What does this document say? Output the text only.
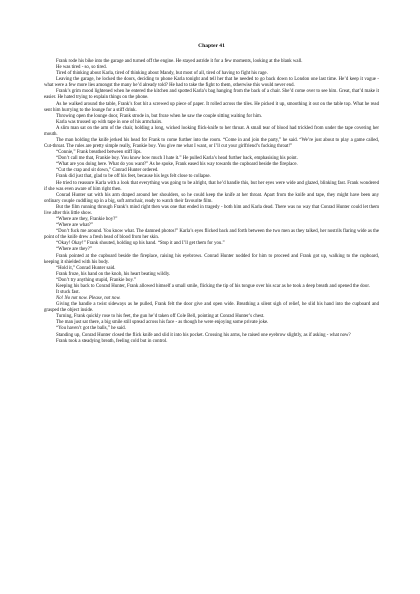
Chapter 41

Frank rode his bike into the garage and turned off the engine. He stayed astride it for a few moments, looking at the blank wall.

He was tired - so, so tired.

Tired of thinking about Karla, tired of thinking about Mandy, but most of all, tired of having to fight his rage.

Leaving the garage, he locked the doors, deciding to phone Karla tonight and tell her that he needed to go back down to London one last time. He’d keep it vague - what were a few more lies amongst the many he’d already told? He had to take the fight to them, otherwise this would never end.

Frank’s grim mood lightened when he entered the kitchen and spotted Karla’s bag hanging from the back of a chair. She’d come over to see him. Great, that’d make it easier. He hated trying to explain things on the phone.

As he walked around the table, Frank’s foot hit a screwed up piece of paper. It rolled across the tiles. He picked it up, smoothing it out on the table top. What he read sent him hurrying to the lounge for a stiff drink.

Throwing open the lounge door, Frank strode in, but froze when he saw the couple sitting waiting for him.

Karla was trussed up with tape in one of his armchairs.

A slim man sat on the arm of the chair, holding a long, wicked looking flick-knife to her throat. A small tear of blood had trickled from under the tape covering her mouth.

The man holding the knife jerked his head for Frank to come further into the room. “Come in and join the party,” he said. “We’re just about to play a game called, Cut-throat. The rules are pretty simple really, Frankie boy. You give me what I want, or I’ll cut your girlfriend’s fucking throat!”

“Connie,” Frank breathed between stiff lips.

“Don’t call me that, Frankie boy. You know how much I hate it.” He pulled Karla’s head further back, emphasising his point.

“What are you doing here. What do you want?” As he spoke, Frank eased his way towards the cupboard beside the fireplace.

“Cut the crap and sit down,” Conrad Hunter ordered.

Frank did just that, glad to be off his feet, because his legs felt close to collapse.

He tried to reassure Karla with a look that everything was going to be alright, that he’d handle this, but her eyes were wide and glazed, blinking fast. Frank wondered if she was even aware of him right then.

Conrad Hunter sat with his arm draped around her shoulders, so he could keep the knife at her throat. Apart from the knife and tape, they might have been any ordinary couple cuddling up in a big, soft armchair, ready to watch their favourite film.

But the film running through Frank’s mind right then was one that ended in tragedy - both him and Karla dead. There was no way that Conrad Hunter could let them live after this little show.

“Where are they, Frankie boy?”

“Where are what?”

“Don’t fuck me around. You know what. The damned photos!” Karla’s eyes flicked back and forth between the two men as they talked, her nostrils flaring wide as the point of the knife drew a fresh bead of blood from her skin.

“Okay! Okay!” Frank shouted, holding up his hand. “Stop it and I’ll get them for you.”

“Where are they?”

Frank pointed at the cupboard beside the fireplace, raising his eyebrows. Conrad Hunter nodded for him to proceed and Frank got up, walking to the cupboard, keeping it shielded with his body.

“Hold it,” Conrad Hunter said.

Frank froze, his hand on the knob, his heart beating wildly.

“Don’t try anything stupid, Frankie boy.”

Keeping his back to Conrad Hunter, Frank allowed himself a small smile, flicking the tip of his tongue over his scar as he took a deep breath and opened the door.

It stuck fast.

No! No not now. Please, not now.

Giving the handle a twist sideways as he pulled, Frank felt the door give and open wide. Breathing a silent sigh of relief, he slid his hand into the cupboard and grasped the object inside.

Turning, Frank quickly rose to his feet, the gun he’d taken off Cole Bell, pointing at Conrad Hunter’s chest.

The man just sat there, a big smile still spread across his face - as though he were enjoying some private joke.

“You haven’t got the balls,” he said.

Standing up, Conrad Hunter closed the flick knife and slid it into his pocket. Crossing his arms, he raised one eyebrow slightly, as if asking - what now?

Frank took a steadying breath, feeling cold but in control.
